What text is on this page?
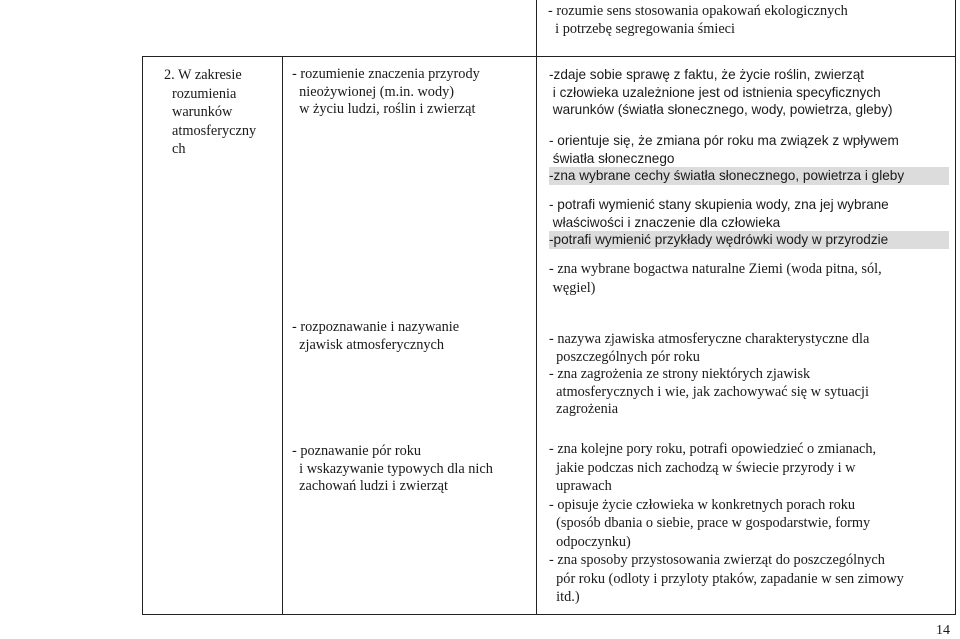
- rozumie sens stosowania opakowań ekologicznych
i potrzebę segregowania śmieci
2. W zakresie
rozumienia
warunków
atmosferyczny
ch
- rozumienie znaczenia przyrody
nieożywionej (m.in. wody)
w życiu ludzi, roślin i zwierząt
-zdaje sobie sprawę z faktu, że życie roślin, zwierząt
i człowieka uzależnione jest od istnienia specyficznych
warunków (światła słonecznego, wody, powietrza, gleby)
- orientuje się, że zmiana pór roku ma związek z wpływem
światła słonecznego
-zna wybrane cechy światła słonecznego, powietrza i gleby
- potrafi wymienić stany skupienia wody, zna jej wybrane
właściwości i znaczenie dla człowieka
-potrafi wymienić przykłady wędrówki wody w przyrodzie
- zna wybrane bogactwa naturalne Ziemi (woda pitna, sól,
węgiel)
- rozpoznawanie i nazywanie
zjawisk atmosferycznych	- nazywa zjawiska atmosferyczne charakterystyczne dla
poszczególnych pór roku
- zna zagrożenia ze strony niektórych zjawisk
atmosferycznych i wie, jak zachowywać się w sytuacji
zagrożenia
- poznawanie pór roku
i wskazywanie typowych dla nich
zachowań ludzi i zwierząt
- zna kolejne pory roku, potrafi opowiedzieć o zmianach,
jakie podczas nich zachodzą w świecie przyrody i w
uprawach
- opisuje życie człowieka w konkretnych porach roku
(sposób dbania o siebie, prace w gospodarstwie, formy
odpoczynku)
- zna sposoby przystosowania zwierząt do poszczególnych
pór roku (odloty i przyloty ptaków, zapadanie w sen zimowy
itd.)
14
